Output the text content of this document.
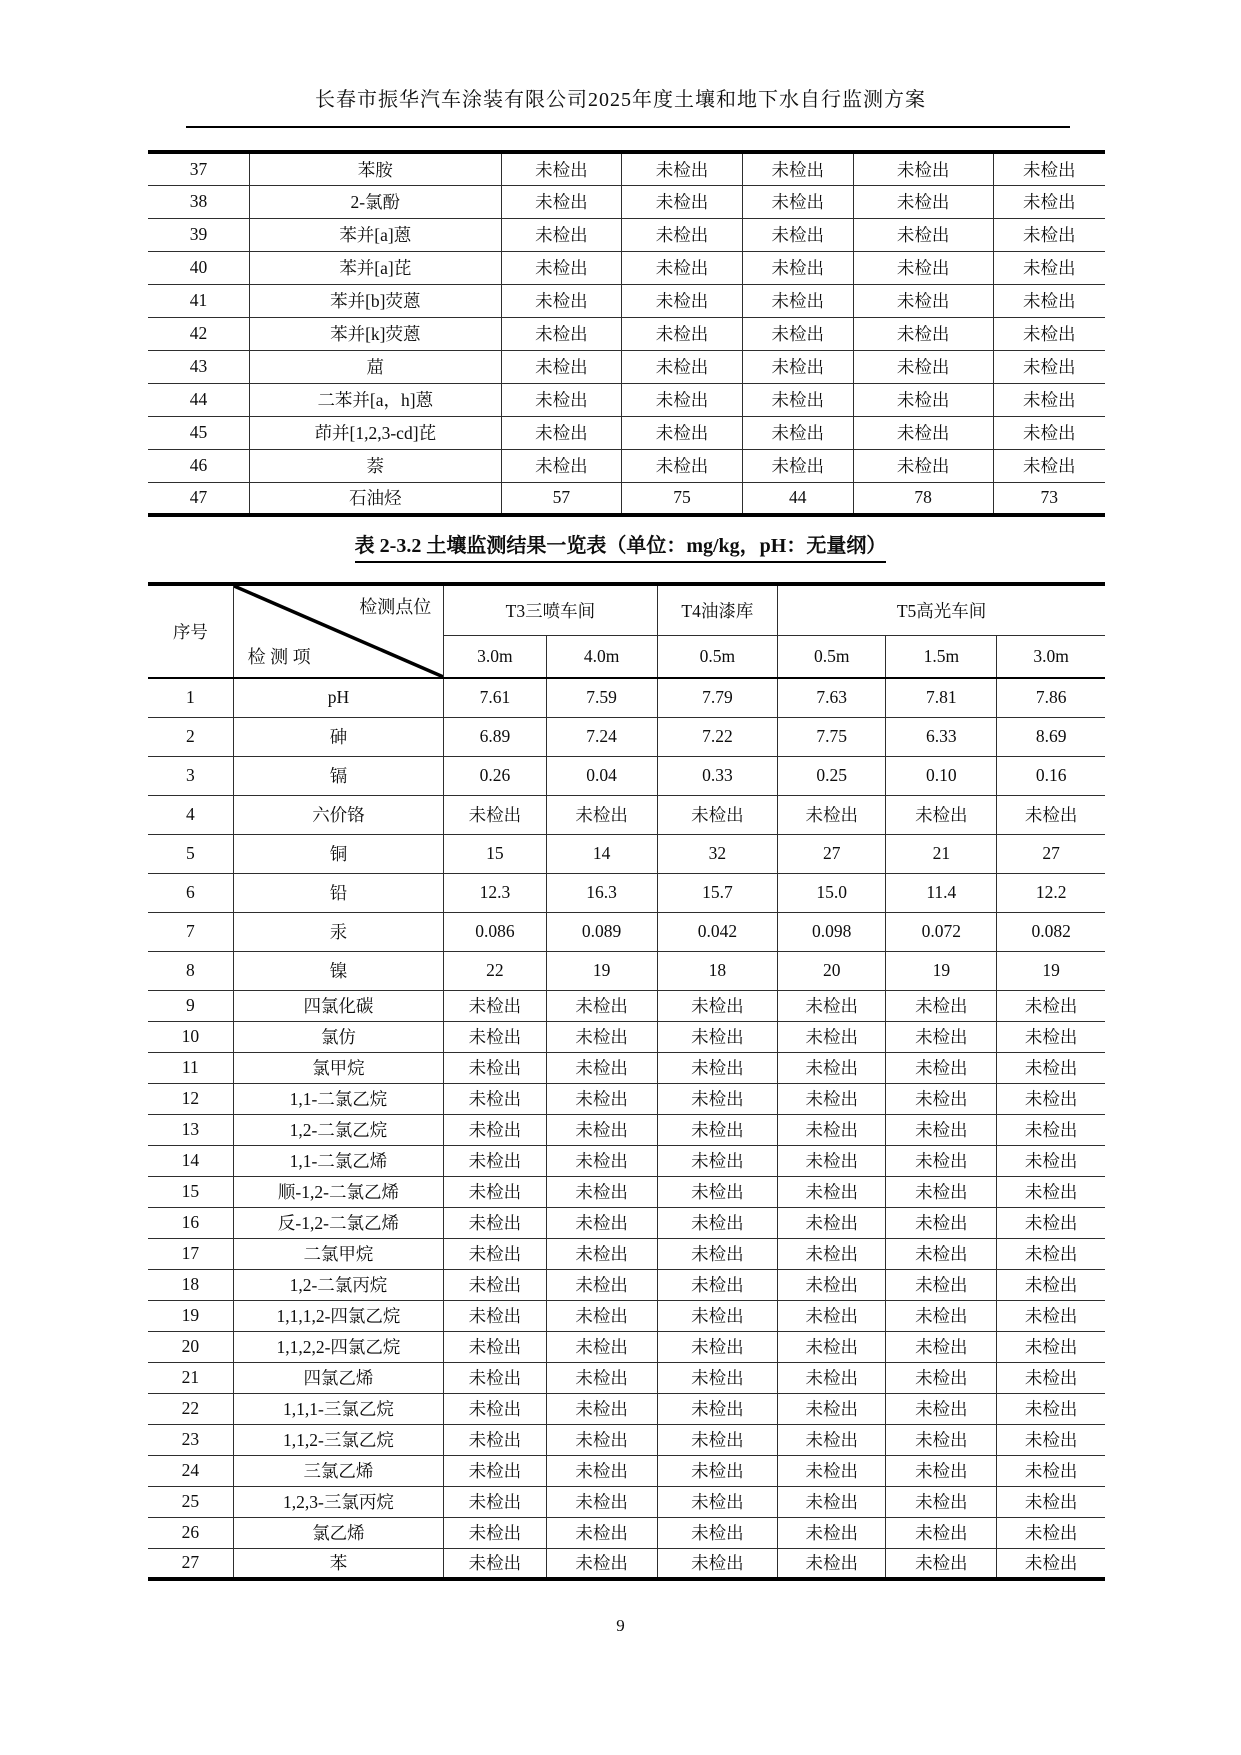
长春市振华汽车涂装有限公司2025年度土壤和地下水自行监测方案
37	苯胺	未检出	未检出	未检出	未检出	未检出
38	2-氯酚	未检出	未检出	未检出	未检出	未检出
39	苯并[a]蒽	未检出	未检出	未检出	未检出	未检出
40	苯并[a]芘	未检出	未检出	未检出	未检出	未检出
41	苯并[b]荧蒽	未检出	未检出	未检出	未检出	未检出
42	苯并[k]荧蒽	未检出	未检出	未检出	未检出	未检出
43	䓛	未检出	未检出	未检出	未检出	未检出
44	二苯并[a，h]蒽	未检出	未检出	未检出	未检出	未检出
45	茚并[1,2,3-cd]芘	未检出	未检出	未检出	未检出	未检出
46	萘	未检出	未检出	未检出	未检出	未检出
47	石油烃	57	75	44	78	73
表 2-3.2 土壤监测结果一览表（单位：mg/kg，pH：无量纲）
序号	检测点位
检 测 项	T3三喷车间		T4油漆库	T5高光车间		
		3.0m	4.0m	0.5m	0.5m	1.5m	3.0m
1	pH	7.61	7.59	7.79	7.63	7.81	7.86
2	砷	6.89	7.24	7.22	7.75	6.33	8.69
3	镉	0.26	0.04	0.33	0.25	0.10	0.16
4	六价铬	未检出	未检出	未检出	未检出	未检出	未检出
5	铜	15	14	32	27	21	27
6	铅	12.3	16.3	15.7	15.0	11.4	12.2
7	汞	0.086	0.089	0.042	0.098	0.072	0.082
8	镍	22	19	18	20	19	19
9	四氯化碳	未检出	未检出	未检出	未检出	未检出	未检出
10	氯仿	未检出	未检出	未检出	未检出	未检出	未检出
11	氯甲烷	未检出	未检出	未检出	未检出	未检出	未检出
12	1,1-二氯乙烷	未检出	未检出	未检出	未检出	未检出	未检出
13	1,2-二氯乙烷	未检出	未检出	未检出	未检出	未检出	未检出
14	1,1-二氯乙烯	未检出	未检出	未检出	未检出	未检出	未检出
15	顺-1,2-二氯乙烯	未检出	未检出	未检出	未检出	未检出	未检出
16	反-1,2-二氯乙烯	未检出	未检出	未检出	未检出	未检出	未检出
17	二氯甲烷	未检出	未检出	未检出	未检出	未检出	未检出
18	1,2-二氯丙烷	未检出	未检出	未检出	未检出	未检出	未检出
19	1,1,1,2-四氯乙烷	未检出	未检出	未检出	未检出	未检出	未检出
20	1,1,2,2-四氯乙烷	未检出	未检出	未检出	未检出	未检出	未检出
21	四氯乙烯	未检出	未检出	未检出	未检出	未检出	未检出
22	1,1,1-三氯乙烷	未检出	未检出	未检出	未检出	未检出	未检出
23	1,1,2-三氯乙烷	未检出	未检出	未检出	未检出	未检出	未检出
24	三氯乙烯	未检出	未检出	未检出	未检出	未检出	未检出
25	1,2,3-三氯丙烷	未检出	未检出	未检出	未检出	未检出	未检出
26	氯乙烯	未检出	未检出	未检出	未检出	未检出	未检出
27	苯	未检出	未检出	未检出	未检出	未检出	未检出
9
